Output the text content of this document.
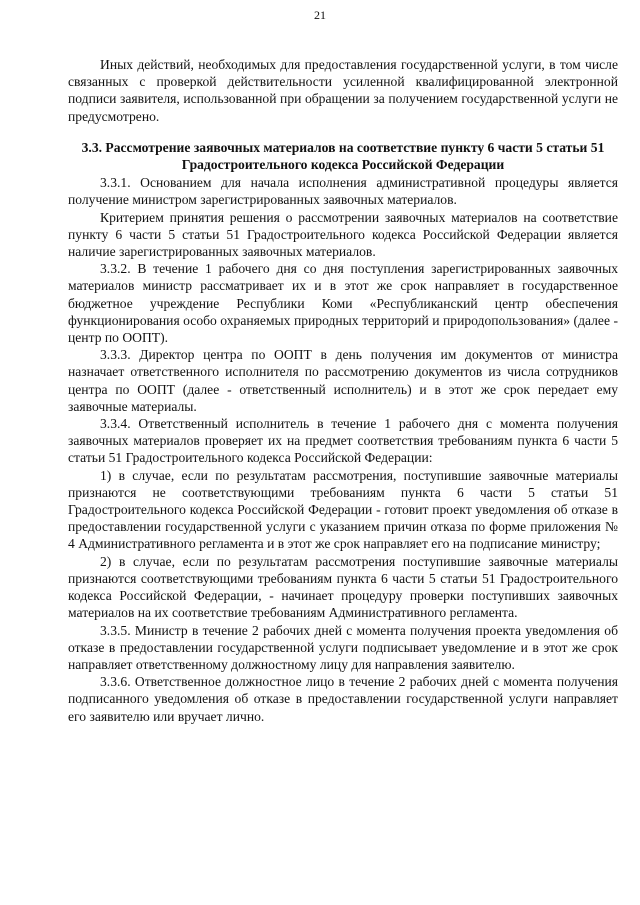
21

Иных действий, необходимых для предоставления государственной услуги, в том числе связанных с проверкой действительности усиленной квалифицированной электронной подписи заявителя, использованной при обращении за получением государственной услуги не предусмотрено.

3.3. Рассмотрение заявочных материалов на соответствие пункту 6 части 5 статьи 51 Градостроительного кодекса Российской Федерации

3.3.1. Основанием для начала исполнения административной процедуры является получение министром зарегистрированных заявочных материалов.

Критерием принятия решения о рассмотрении заявочных материалов на соответствие пункту 6 части 5 статьи 51 Градостроительного кодекса Российской Федерации является наличие зарегистрированных заявочных материалов.

3.3.2. В течение 1 рабочего дня со дня поступления зарегистрированных заявочных материалов министр рассматривает их и в этот же срок направляет в государственное бюджетное учреждение Республики Коми «Республиканский центр обеспечения функционирования особо охраняемых природных территорий и природопользования» (далее - центр по ООПТ).

3.3.3. Директор центра по ООПТ в день получения им документов от министра назначает ответственного исполнителя по рассмотрению документов из числа сотрудников центра по ООПТ (далее - ответственный исполнитель) и в этот же срок передает ему заявочные материалы.

3.3.4. Ответственный исполнитель в течение 1 рабочего дня с момента получения заявочных материалов проверяет их на предмет соответствия требованиям пункта 6 части 5 статьи 51 Градостроительного кодекса Российской Федерации:

1) в случае, если по результатам рассмотрения, поступившие заявочные материалы признаются не соответствующими требованиям пункта 6 части 5 статьи 51 Градостроительного кодекса Российской Федерации - готовит проект уведомления об отказе в предоставлении государственной услуги с указанием причин отказа по форме приложения № 4 Административного регламента и в этот же срок направляет его на подписание министру;

2) в случае, если по результатам рассмотрения поступившие заявочные материалы признаются соответствующими требованиям пункта 6 части 5 статьи 51 Градостроительного кодекса Российской Федерации, - начинает процедуру проверки поступивших заявочных материалов на их соответствие требованиям Административного регламента.

3.3.5. Министр в течение 2 рабочих дней с момента получения проекта уведомления об отказе в предоставлении государственной услуги подписывает уведомление и в этот же срок направляет ответственному должностному лицу для направления заявителю.

3.3.6. Ответственное должностное лицо в течение 2 рабочих дней с момента получения подписанного уведомления об отказе в предоставлении государственной услуги направляет его заявителю или вручает лично.
